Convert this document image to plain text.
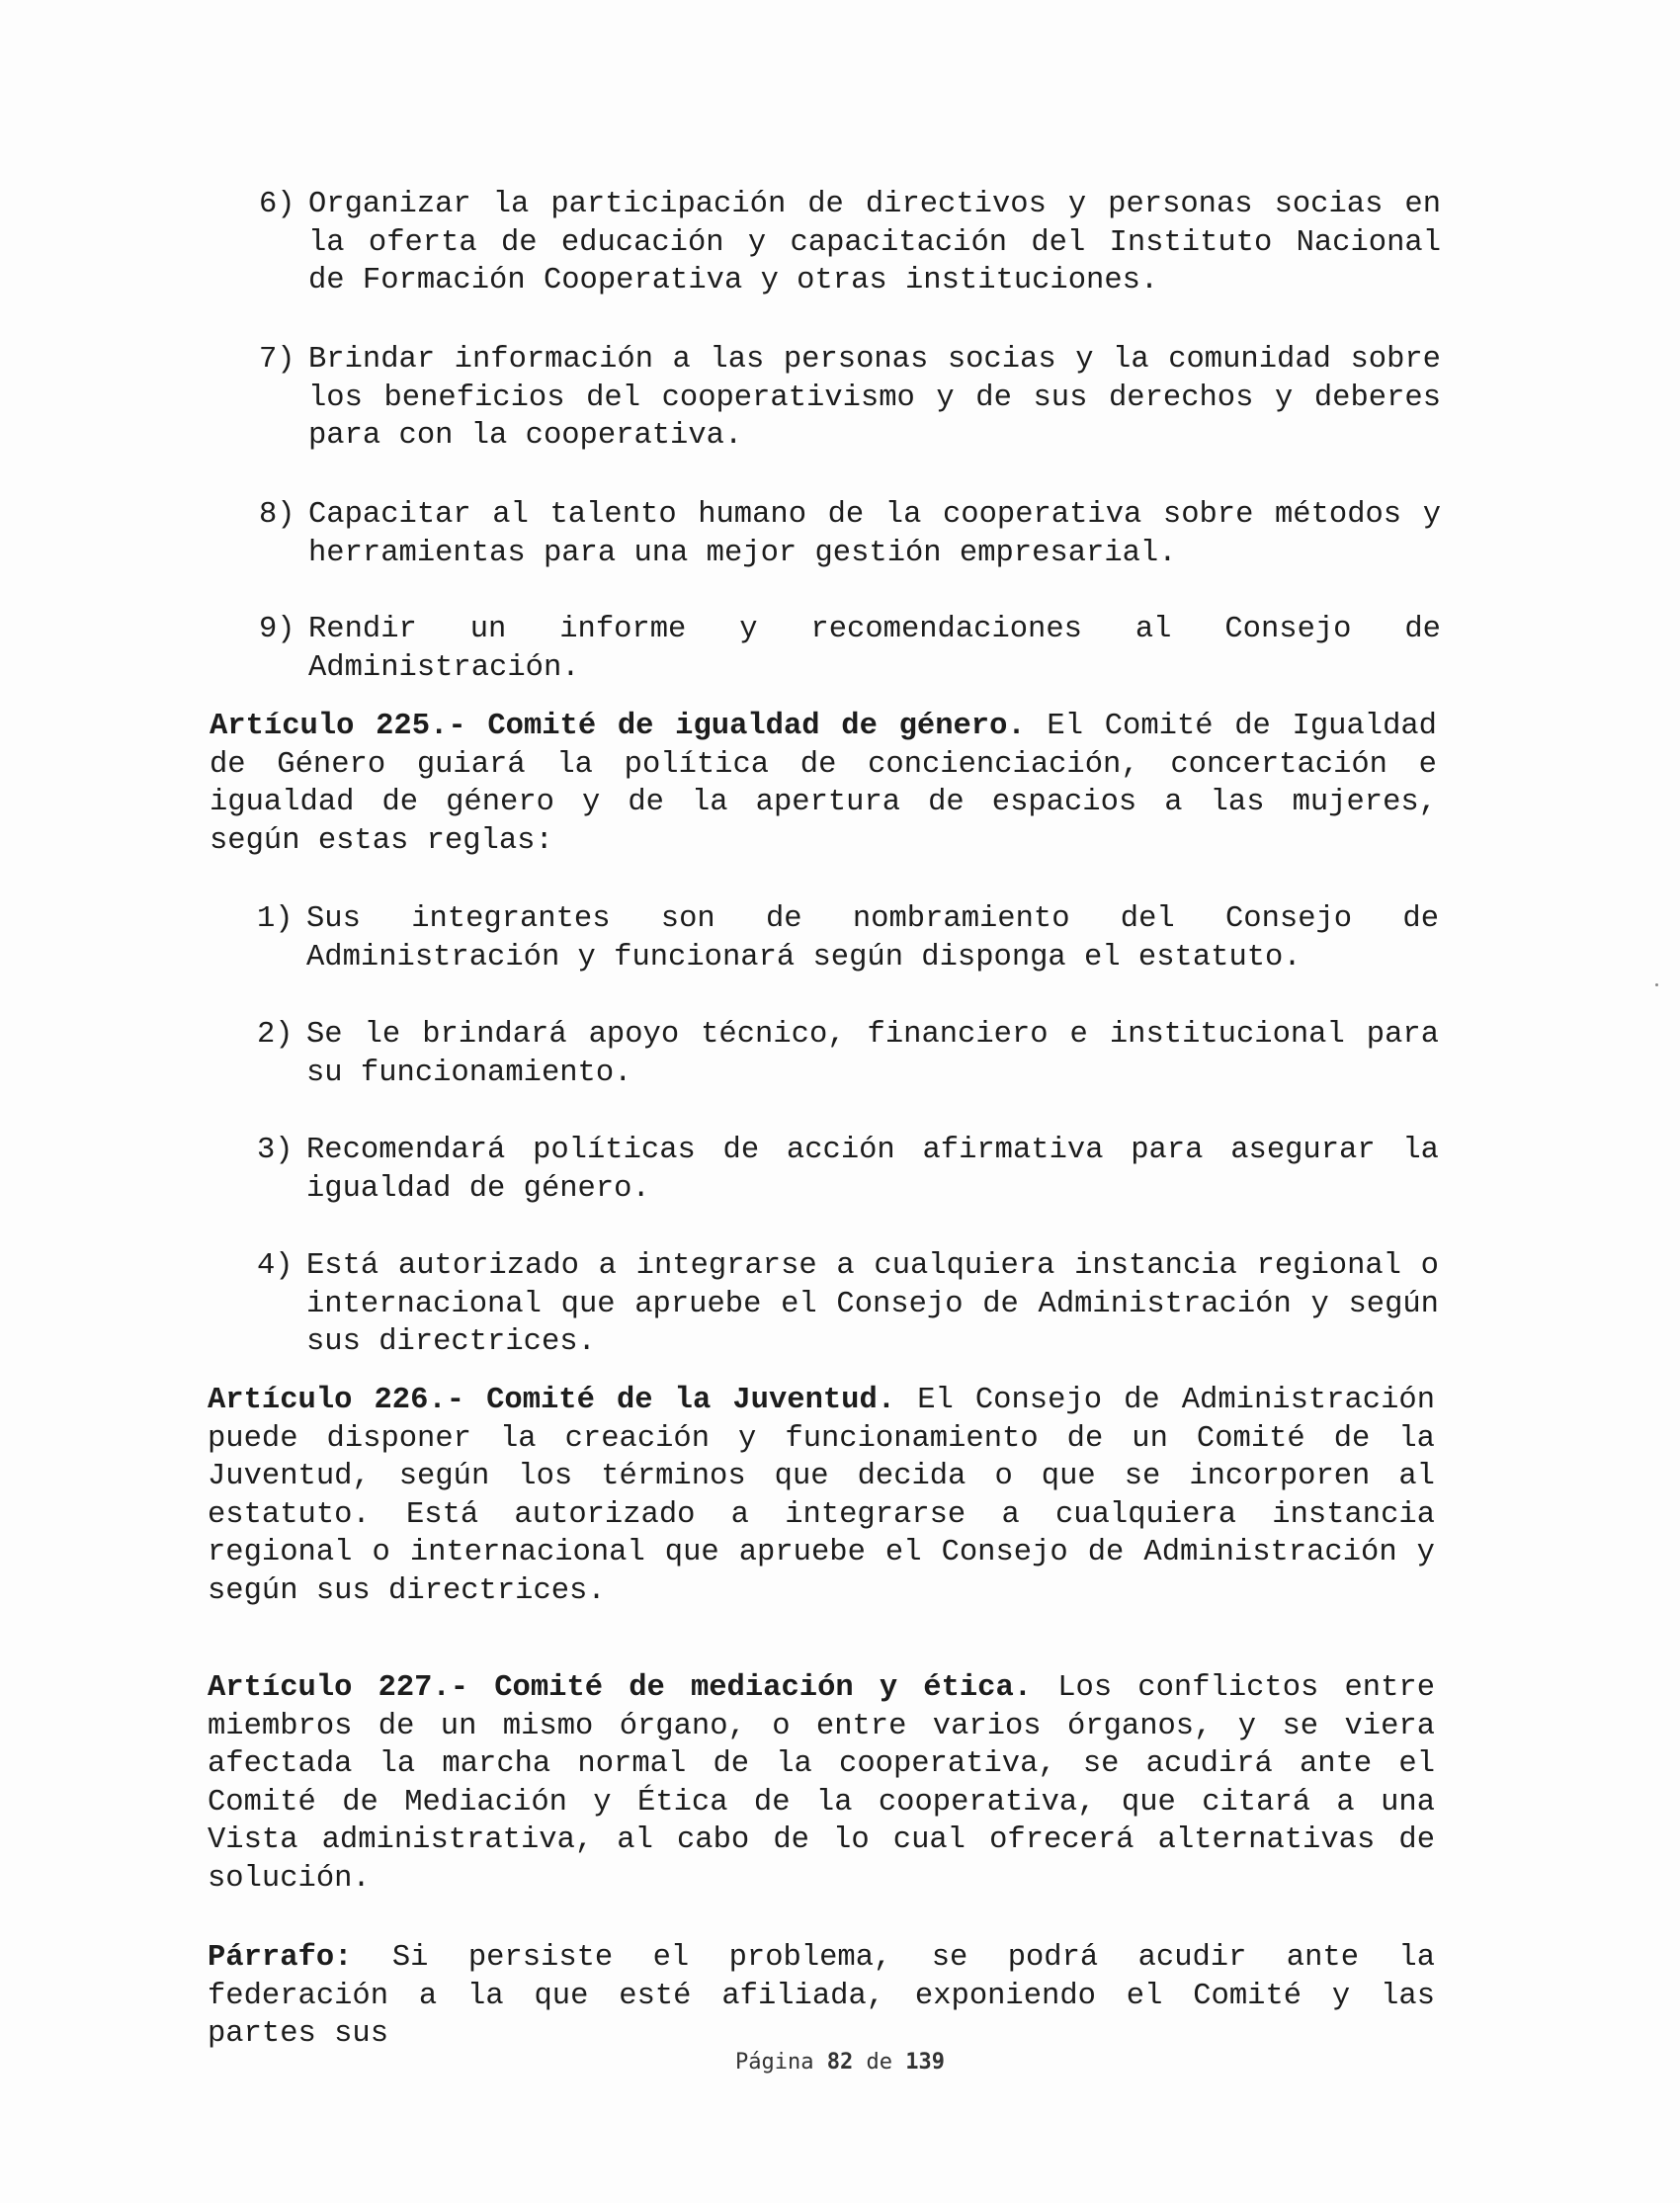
6) Organizar la participación de directivos y personas socias en la oferta de educación y capacitación del Instituto Nacional de Formación Cooperativa y otras instituciones.

7) Brindar información a las personas socias y la comunidad sobre los beneficios del cooperativismo y de sus derechos y deberes para con la cooperativa.

8) Capacitar al talento humano de la cooperativa sobre métodos y herramientas para una mejor gestión empresarial.

9) Rendir un informe y recomendaciones al Consejo de Administración.

Artículo 225.- Comité de igualdad de género. El Comité de Igualdad de Género guiará la política de concienciación, concertación e igualdad de género y de la apertura de espacios a las mujeres, según estas reglas:

1) Sus integrantes son de nombramiento del Consejo de Administración y funcionará según disponga el estatuto.

2) Se le brindará apoyo técnico, financiero e institucional para su funcionamiento.

3) Recomendará políticas de acción afirmativa para asegurar la igualdad de género.

4) Está autorizado a integrarse a cualquiera instancia regional o internacional que apruebe el Consejo de Administración y según sus directrices.

Artículo 226.- Comité de la Juventud. El Consejo de Administración puede disponer la creación y funcionamiento de un Comité de la Juventud, según los términos que decida o que se incorporen al estatuto. Está autorizado a integrarse a cualquiera instancia regional o internacional que apruebe el Consejo de Administración y según sus directrices.

Artículo 227.- Comité de mediación y ética. Los conflictos entre miembros de un mismo órgano, o entre varios órganos, y se viera afectada la marcha normal de la cooperativa, se acudirá ante el Comité de Mediación y Ética de la cooperativa, que citará a una Vista administrativa, al cabo de lo cual ofrecerá alternativas de solución.

Párrafo: Si persiste el problema, se podrá acudir ante la federación a la que esté afiliada, exponiendo el Comité y las partes sus

Página 82 de 139
